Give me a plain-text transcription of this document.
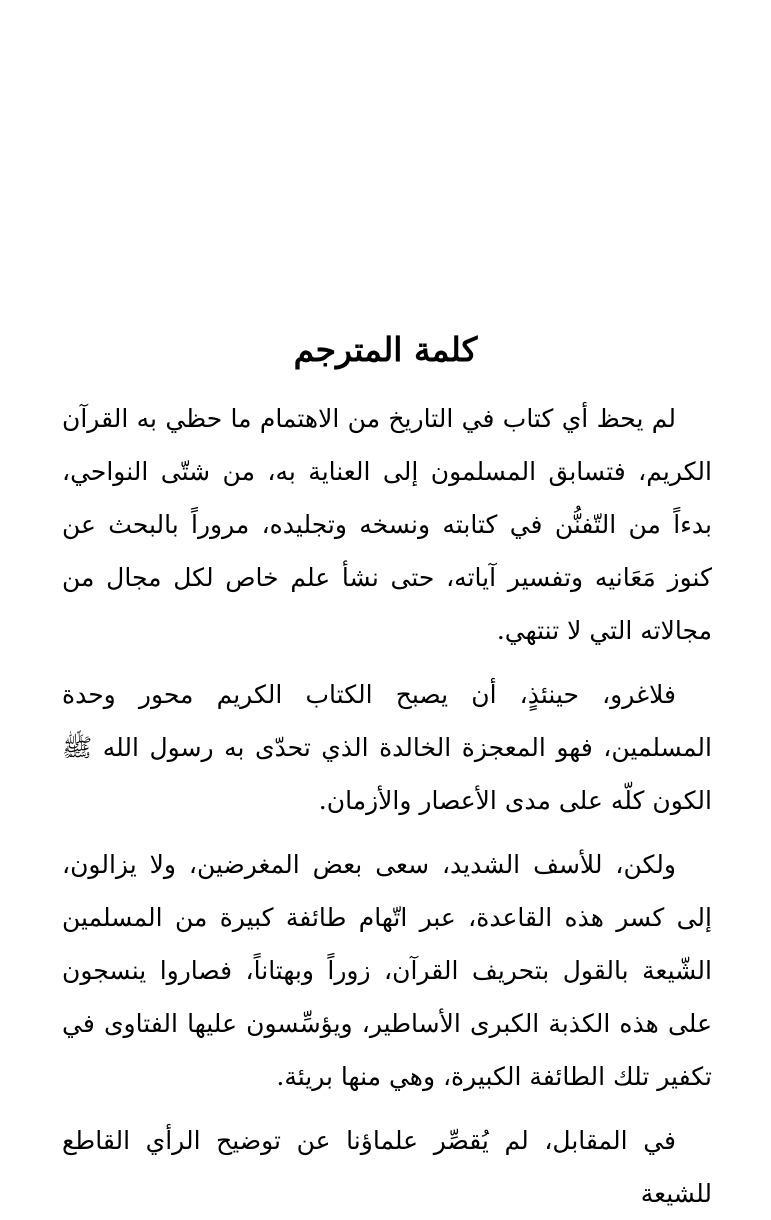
كلمة المترجم

لم يحظ أي كتاب في التاريخ من الاهتمام ما حظي به القرآن الكريم، فتسابق المسلمون إلى العناية به، من شتّى النواحي، بدءاً من التّفنُّن في كتابته ونسخه وتجليده، مروراً بالبحث عن كنوز مَعَانيه وتفسير آياته، حتى نشأ علم خاص لكل مجال من مجالاته التي لا تنتهي.

فلاغرو، حينئذٍ، أن يصبح الكتاب الكريم محور وحدة المسلمين، فهو المعجزة الخالدة الذي تحدّى به رسول الله ﷺ الكون كلّه على مدى الأعصار والأزمان.

ولكن، للأسف الشديد، سعى بعض المغرضين، ولا يزالون، إلى كسر هذه القاعدة، عبر اتّهام طائفة كبيرة من المسلمين الشّيعة بالقول بتحريف القرآن، زوراً وبهتاناً، فصاروا ينسجون على هذه الكذبة الكبرى الأساطير، ويؤسِّسون عليها الفتاوى في تكفير تلك الطائفة الكبيرة، وهي منها بريئة.

في المقابل، لم يُقصِّر علماؤنا عن توضيح الرأي القاطع للشيعة
